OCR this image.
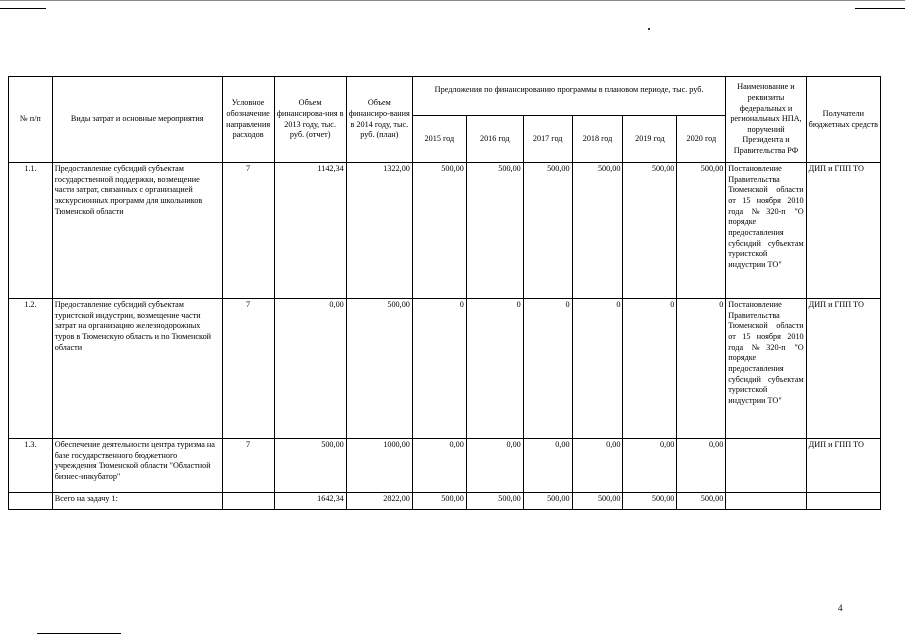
№ п/п	Виды затрат и основные мероприятия	Условное обозначение направления расходов	Объем финансирова-ния в 2013 году, тыс. руб. (отчет)	Объем финансиро-вания в 2014 году, тыс. руб. (план)	Предложения по финансированию программы в плановом периоде, тыс. руб.						Наименование и реквизиты федеральных и региональных НПА, поручений Президента и Правительства РФ	Получатели бюджетных средств
					2015 год	2016 год	2017 год	2018 год	2019 год	2020 год		
1.1.	Предоставление субсидий субъектам государственной поддержки, возмещение части затрат, связанных с организацией экскурсионных программ для школьников Тюменской области	7	1142,34	1322,00	500,00	500,00	500,00	500,00	500,00	500,00	Постановление Правительства Тюменской области от 15 ноября 2010 года №320-п "О порядке предоставления субсидий субъектам туристской индустрии ТО"	ДИП и ГПП ТО
1.2.	Предоставление субсидий субъектам туристской индустрии, возмещение части затрат на организацию железнодорожных туров в Тюменскую область и по Тюменской области	7	0,00	500,00	0	0	0	0	0	0	Постановление Правительства Тюменской области от 15 ноября 2010 года №320-п "О порядке предоставления субсидий субъектам туристской индустрии ТО"	ДИП и ГПП ТО
1.3.	Обеспечение деятельности центра туризма на базе государственного бюджетного учреждения Тюменской области "Областной бизнес-инкубатор"	7	500,00	1000,00	0,00	0,00	0,00	0,00	0,00	0,00		ДИП и ГПП ТО
	Всего на задачу 1:		1642,34	2822,00	500,00	500,00	500,00	500,00	500,00	500,00		
4
